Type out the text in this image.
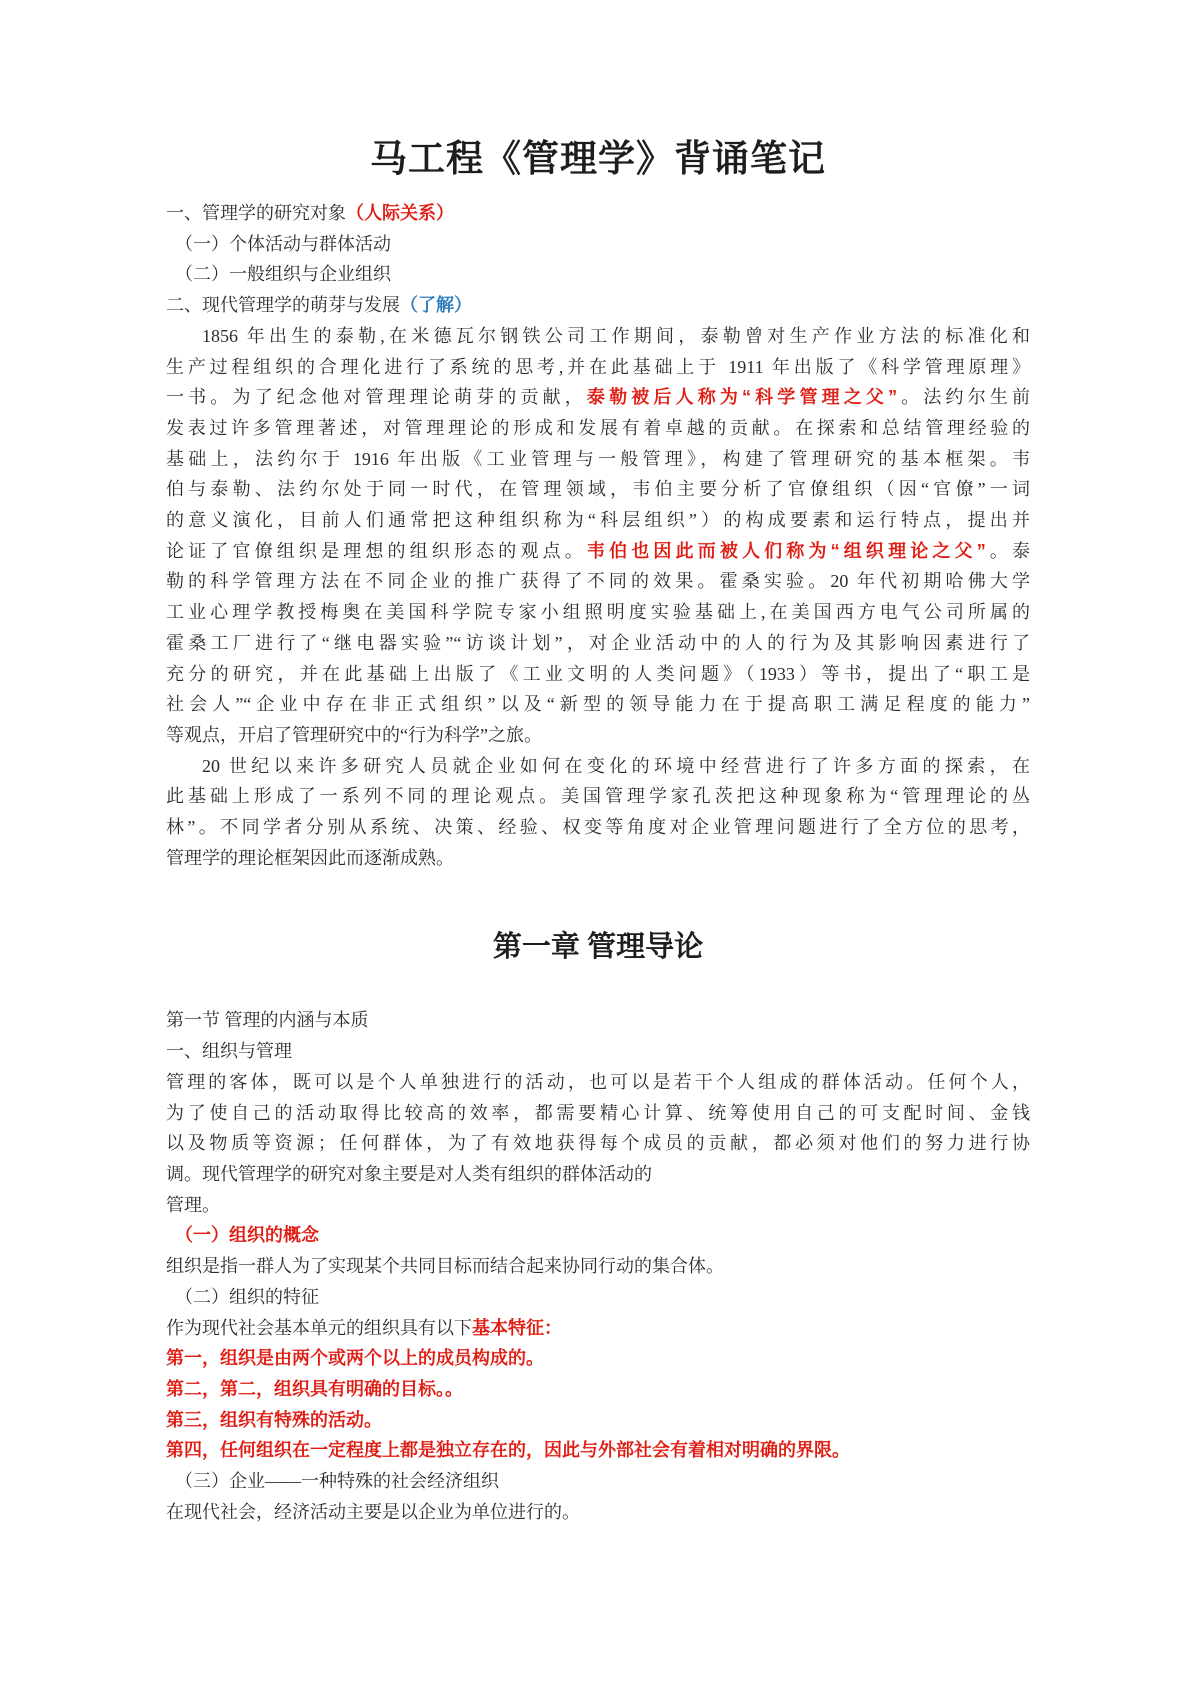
马工程《管理学》背诵笔记
一、管理学的研究对象（人际关系）
（一）个体活动与群体活动
（二）一般组织与企业组织
二、现代管理学的萌芽与发展（了解）
1856 年出生的泰勒,在米德瓦尔钢铁公司工作期间，泰勒曾对生产作业方法的标准化和
生产过程组织的合理化进行了系统的思考,并在此基础上于 1911 年出版了《科学管理原理》
一书。为了纪念他对管理理论萌芽的贡献，泰勒被后人称为“科学管理之父”。法约尔生前
发表过许多管理著述，对管理理论的形成和发展有着卓越的贡献。在探索和总结管理经验的
基础上，法约尔于 1916 年出版《工业管理与一般管理》，构建了管理研究的基本框架。韦
伯与泰勒、法约尔处于同一时代，在管理领域，韦伯主要分析了官僚组织（因“官僚”一词
的意义演化，目前人们通常把这种组织称为“科层组织”）的构成要素和运行特点，提出并
论证了官僚组织是理想的组织形态的观点。韦伯也因此而被人们称为“组织理论之父”。泰
勒的科学管理方法在不同企业的推广获得了不同的效果。霍桑实验。20 年代初期哈佛大学
工业心理学教授梅奥在美国科学院专家小组照明度实验基础上,在美国西方电气公司所属的
霍桑工厂进行了“继电器实验”“访谈计划”，对企业活动中的人的行为及其影响因素进行了
充分的研究，并在此基础上出版了《工业文明的人类问题》（1933）等书，提出了“职工是
社会人”“企业中存在非正式组织”以及“新型的领导能力在于提高职工满足程度的能力”
等观点，开启了管理研究中的“行为科学”之旅。
20 世纪以来许多研究人员就企业如何在变化的环境中经营进行了许多方面的探索，在
此基础上形成了一系列不同的理论观点。美国管理学家孔茨把这种现象称为“管理理论的丛
林”。不同学者分别从系统、决策、经验、权变等角度对企业管理问题进行了全方位的思考，
管理学的理论框架因此而逐渐成熟。
第一章 管理导论
第一节 管理的内涵与本质
一、组织与管理
管理的客体，既可以是个人单独进行的活动，也可以是若干个人组成的群体活动。任何个人，
为了使自己的活动取得比较高的效率，都需要精心计算、统筹使用自己的可支配时间、金钱
以及物质等资源；任何群体，为了有效地获得每个成员的贡献，都必须对他们的努力进行协
调。现代管理学的研究对象主要是对人类有组织的群体活动的
管理。
（一）组织的概念
组织是指一群人为了实现某个共同目标而结合起来协同行动的集合体。
（二）组织的特征
作为现代社会基本单元的组织具有以下基本特征：
第一，组织是由两个或两个以上的成员构成的。
第二，第二，组织具有明确的目标。。
第三，组织有特殊的活动。
第四，任何组织在一定程度上都是独立存在的，因此与外部社会有着相对明确的界限。
（三）企业——一种特殊的社会经济组织
在现代社会，经济活动主要是以企业为单位进行的。
